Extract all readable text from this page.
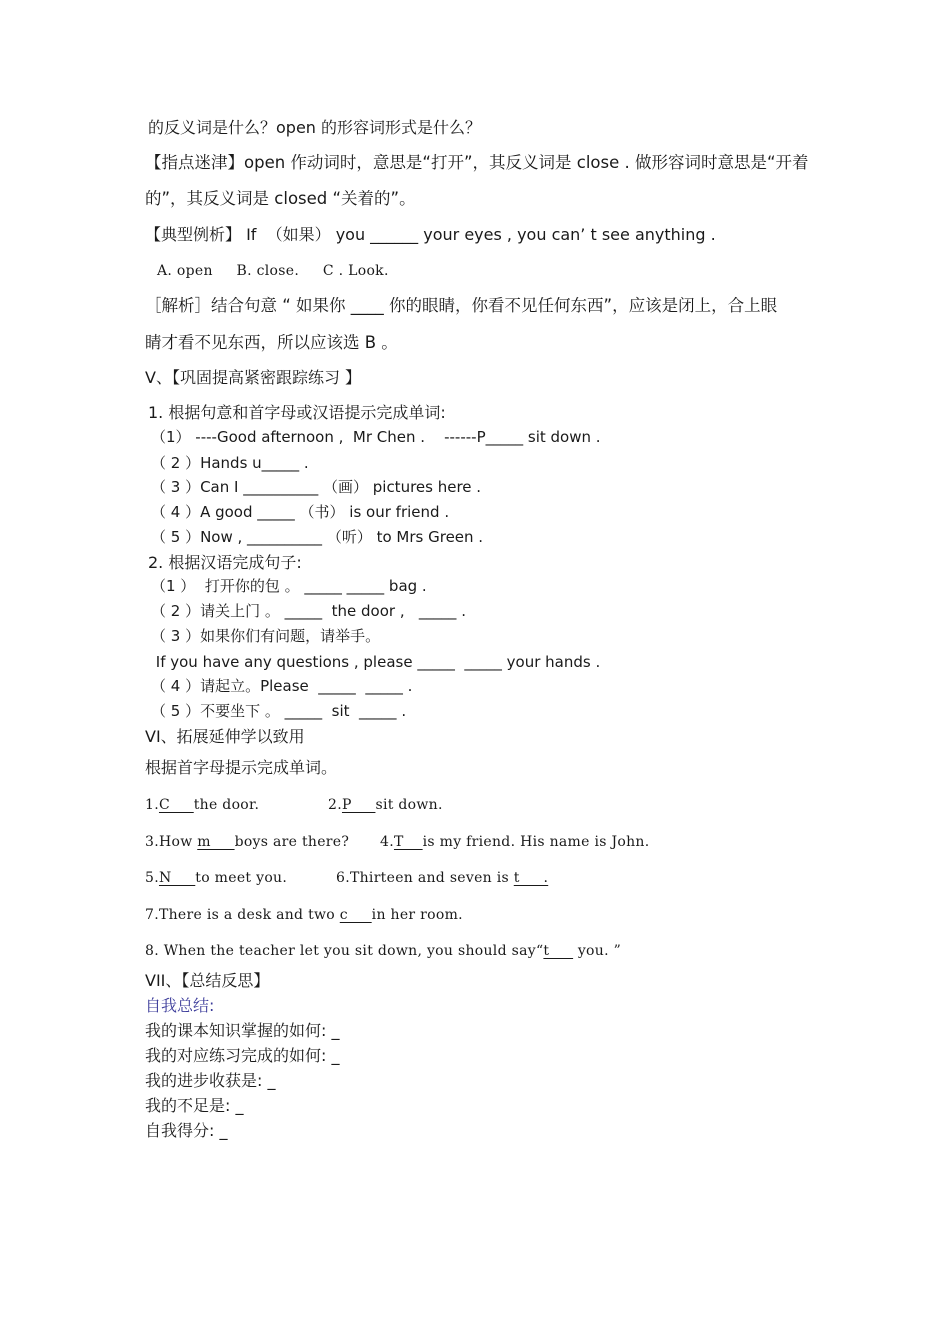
的反义词是什么？open 的形容词形式是什么？
【指点迷津】open 作动词时，意思是“打开”，其反义词是 close . 做形容词时意思是“开着
的”，其反义词是 closed “关着的”。
【典型例析】 If  （如果） you ______ your eyes , you can’ t see anything .
A. open     B. close.     C . Look.
［解析］结合句意 “ 如果你 ____ 你的眼睛，你看不见任何东西”，应该是闭上，合上眼
睛才看不见东西，所以应该选 B 。
V、【巩固提高紧密跟踪练习 】
1. 根据句意和首字母或汉语提示完成单词:
（1） ----Good afternoon ,  Mr Chen .    ------P_____ sit down .
（ 2 ）Hands u_____ .
（ 3 ）Can I __________ （画） pictures here .
（ 4 ）A good _____ （书） is our friend .
（ 5 ）Now , __________ （听） to Mrs Green .
2. 根据汉语完成句子:
（1 ）  打开你的包 。 _____ _____ bag .
（ 2 ）请关上门 。 _____  the door ,   _____ .
（ 3 ）如果你们有问题，请举手。
If you have any questions , please _____  _____ your hands .
（ 4 ）请起立。Please  _____  _____ .
（ 5 ）不要坐下 。 _____  sit  _____ .
VI、拓展延伸学以致用
根据首字母提示完成单词。
1.C     the door.	2.P     sit down.
3.How m     boys are there? 4.T    is my friend. His name is John.
5.N     to meet you.	6.Thirteen and seven is t     .
7.There is a desk and two c     in her room.
8. When the teacher let you sit down, you should say“t      you. ”
VII、【总结反思】
自我总结:
我的课本知识掌握的如何: _
我的对应练习完成的如何: _
我的进步收获是: _
我的不足是: _
自我得分: _
